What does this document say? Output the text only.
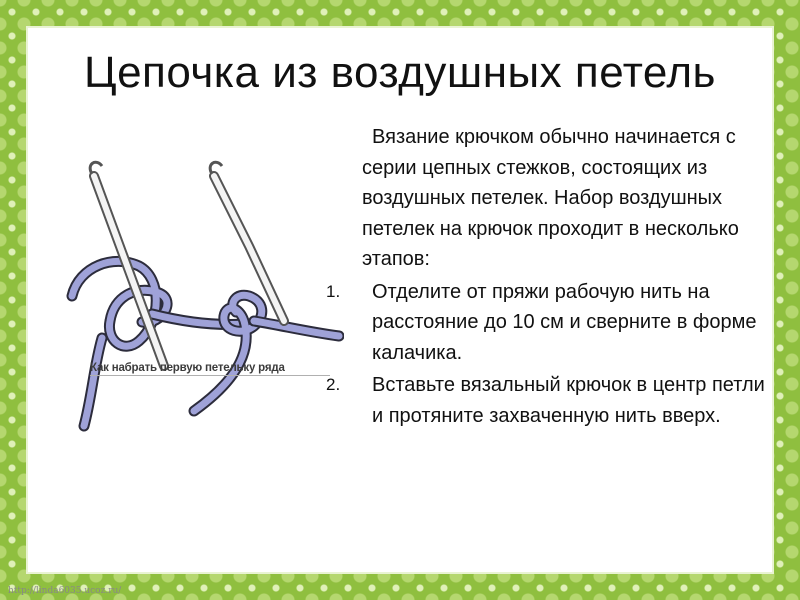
Цепочка из воздушных петель
Как набрать первую петельку ряда
Вязание крючком обычно начинается с серии цепных стежков, состоящих из воздушных петелек. Набор воздушных петелек на крючок проходит в несколько этапов:
1.	Отделите от пряжи рабочую нить на расстояние до 10 см и сверните в форме калачика.
2.	Вставьте вязальный крючок в центр петли и протяните захваченную нить вверх.
http://linda6035.ucoz.ru/
